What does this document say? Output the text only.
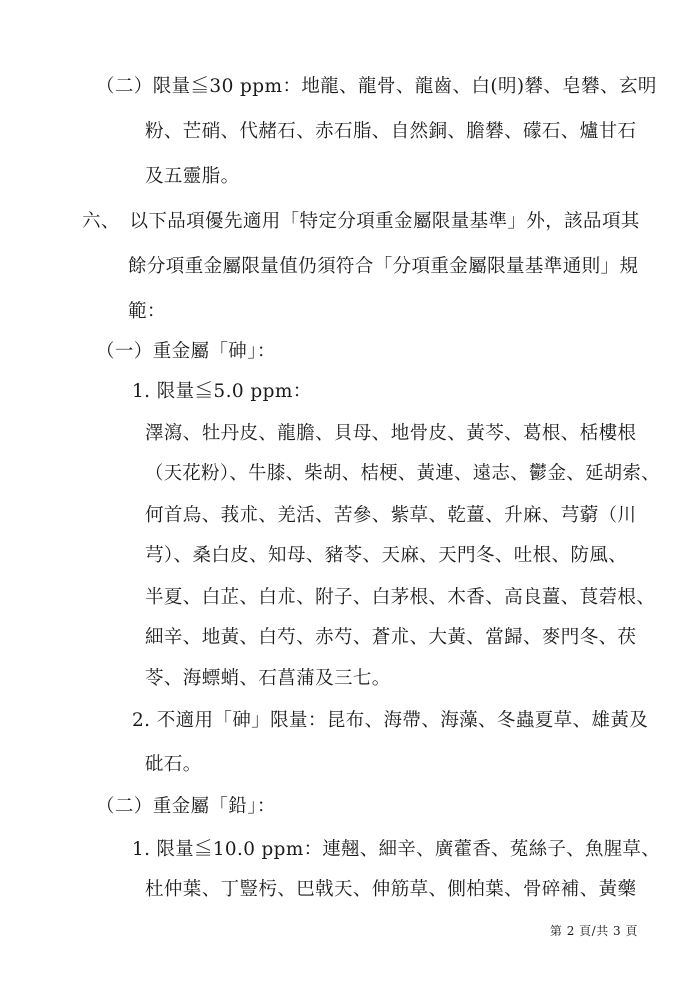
（二）限量≦30 ppm：地龍、龍骨、龍齒、白(明)礬、皂礬、玄明
粉、芒硝、代赭石、赤石脂、自然銅、膽礬、礞石、爐甘石
及五靈脂。
六、　以下品項優先適用「特定分項重金屬限量基準」外，該品項其
餘分項重金屬限量值仍須符合「分項重金屬限量基準通則」規
範：
（一）重金屬「砷」：
1. 限量≦5.0 ppm：
澤瀉、牡丹皮、龍膽、貝母、地骨皮、黃芩、葛根、栝樓根
（天花粉）、牛膝、柴胡、桔梗、黃連、遠志、鬱金、延胡索、
何首烏、莪朮、羌活、苦參、紫草、乾薑、升麻、芎藭（川
芎）、桑白皮、知母、豬苓、天麻、天門冬、吐根、防風、
半夏、白芷、白朮、附子、白茅根、木香、高良薑、茛菪根、
細辛、地黃、白芍、赤芍、蒼朮、大黃、當歸、麥門冬、茯
苓、海螵蛸、石菖蒲及三七。
2. 不適用「砷」限量：昆布、海帶、海藻、冬蟲夏草、雄黃及
砒石。
（二）重金屬「鉛」：
1. 限量≦10.0 ppm：連翹、細辛、廣藿香、菟絲子、魚腥草、
杜仲葉、丁豎杇、巴戟天、伸筋草、側柏葉、骨碎補、黃藥
第 2 頁/共 3 頁
